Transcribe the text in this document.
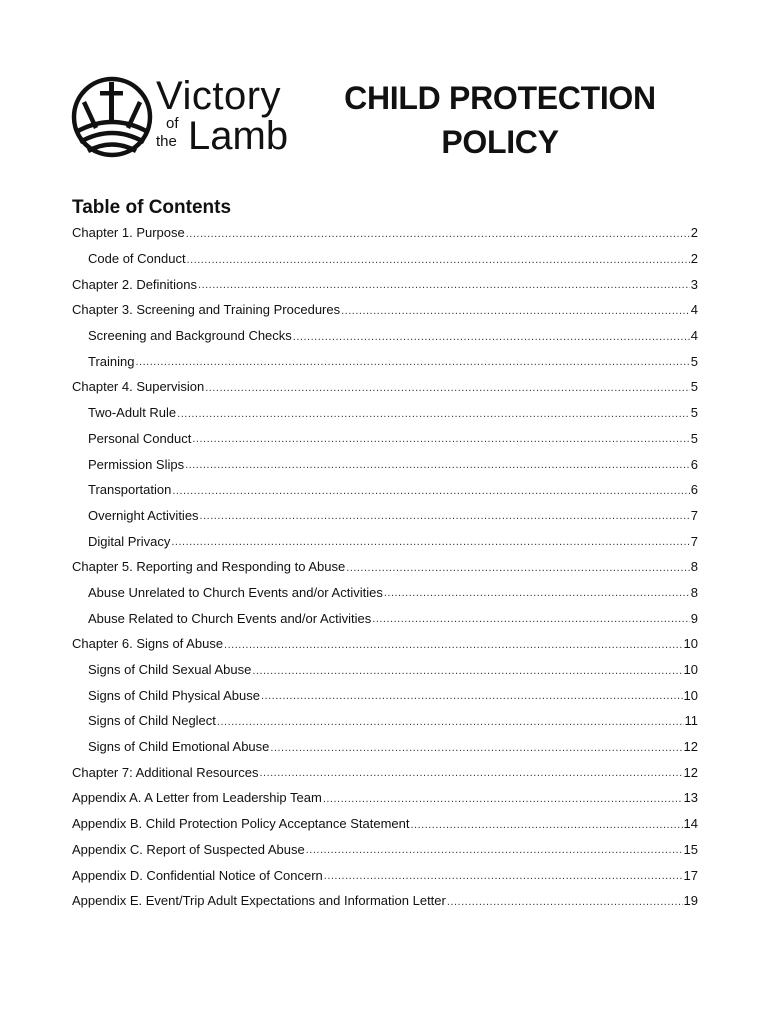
Victory
of
the Lamb
CHILD PROTECTION
POLICY
Table of Contents
Chapter 1. Purpose .....	2
Code of Conduct .....	2
Chapter 2. Definitions .....	3
Chapter 3. Screening and Training Procedures .....	4
Screening and Background Checks .....	4
Training .....	5
Chapter 4. Supervision .....	5
Two-Adult Rule .....	5
Personal Conduct .....	5
Permission Slips .....	6
Transportation .....	6
Overnight Activities .....	7
Digital Privacy .....	7
Chapter 5. Reporting and Responding to Abuse .....	8
Abuse Unrelated to Church Events and/or Activities .....	8
Abuse Related to Church Events and/or Activities .....	9
Chapter 6. Signs of Abuse .....	10
Signs of Child Sexual Abuse .....	10
Signs of Child Physical Abuse .....	10
Signs of Child Neglect .....	11
Signs of Child Emotional Abuse .....	12
Chapter 7: Additional Resources .....	12
Appendix A. A Letter from Leadership Team .....	13
Appendix B. Child Protection Policy Acceptance Statement .....	14
Appendix C. Report of Suspected Abuse .....	15
Appendix D. Confidential Notice of Concern .....	17
Appendix E. Event/Trip Adult Expectations and Information Letter .....	19
